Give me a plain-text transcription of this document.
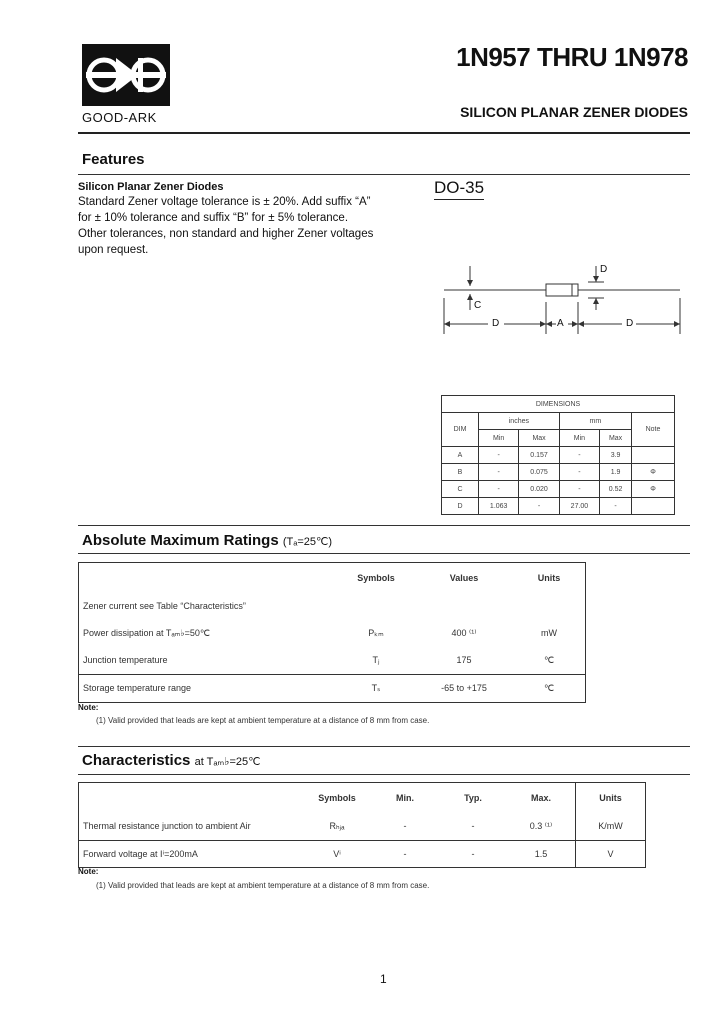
GOOD-ARK
1N957 THRU 1N978
SILICON PLANAR ZENER DIODES
Features
Silicon Planar Zener Diodes
Standard Zener voltage tolerance is ± 20%. Add suffix “A”
for ± 10% tolerance and suffix “B” for ± 5% tolerance.
Other tolerances, non standard and higher Zener voltages
upon request.
DO-35
D
C
D	A	D
DIMENSIONS					
DIM	inches		mm		Note
	Min	Max	Min	Max	
A	-	0.157	-	3.9	
B	-	0.075	-	1.9	Φ
C	-	0.020	-	0.52	Φ
D	1.063	-	27.00	-	
Absolute Maximum Ratings (Tₐ=25℃)
	Symbols	Values	Units
Zener current see Table “Characteristics”			
Power dissipation at Tₐₘ♭=50℃	Pₖₘ	400 ⁽¹⁾	mW
Junction temperature	Tⱼ	175	℃
Storage temperature range	Tₛ	-65 to +175	℃
Note:
(1) Valid provided that leads are kept at ambient temperature at a distance of 8 mm from case.
Characteristics at Tₐₘ♭=25℃
	Symbols	Min.	Typ.	Max.	Units
Thermal resistance junction to ambient Air	Rₕⱼₐ	-	-	0.3 ⁽¹⁾	K/mW
Forward voltage at Iⁱ=200mA	Vⁱ	-	-	1.5	V
Note:
(1) Valid provided that leads are kept at ambient temperature at a distance of 8 mm from case.
1
